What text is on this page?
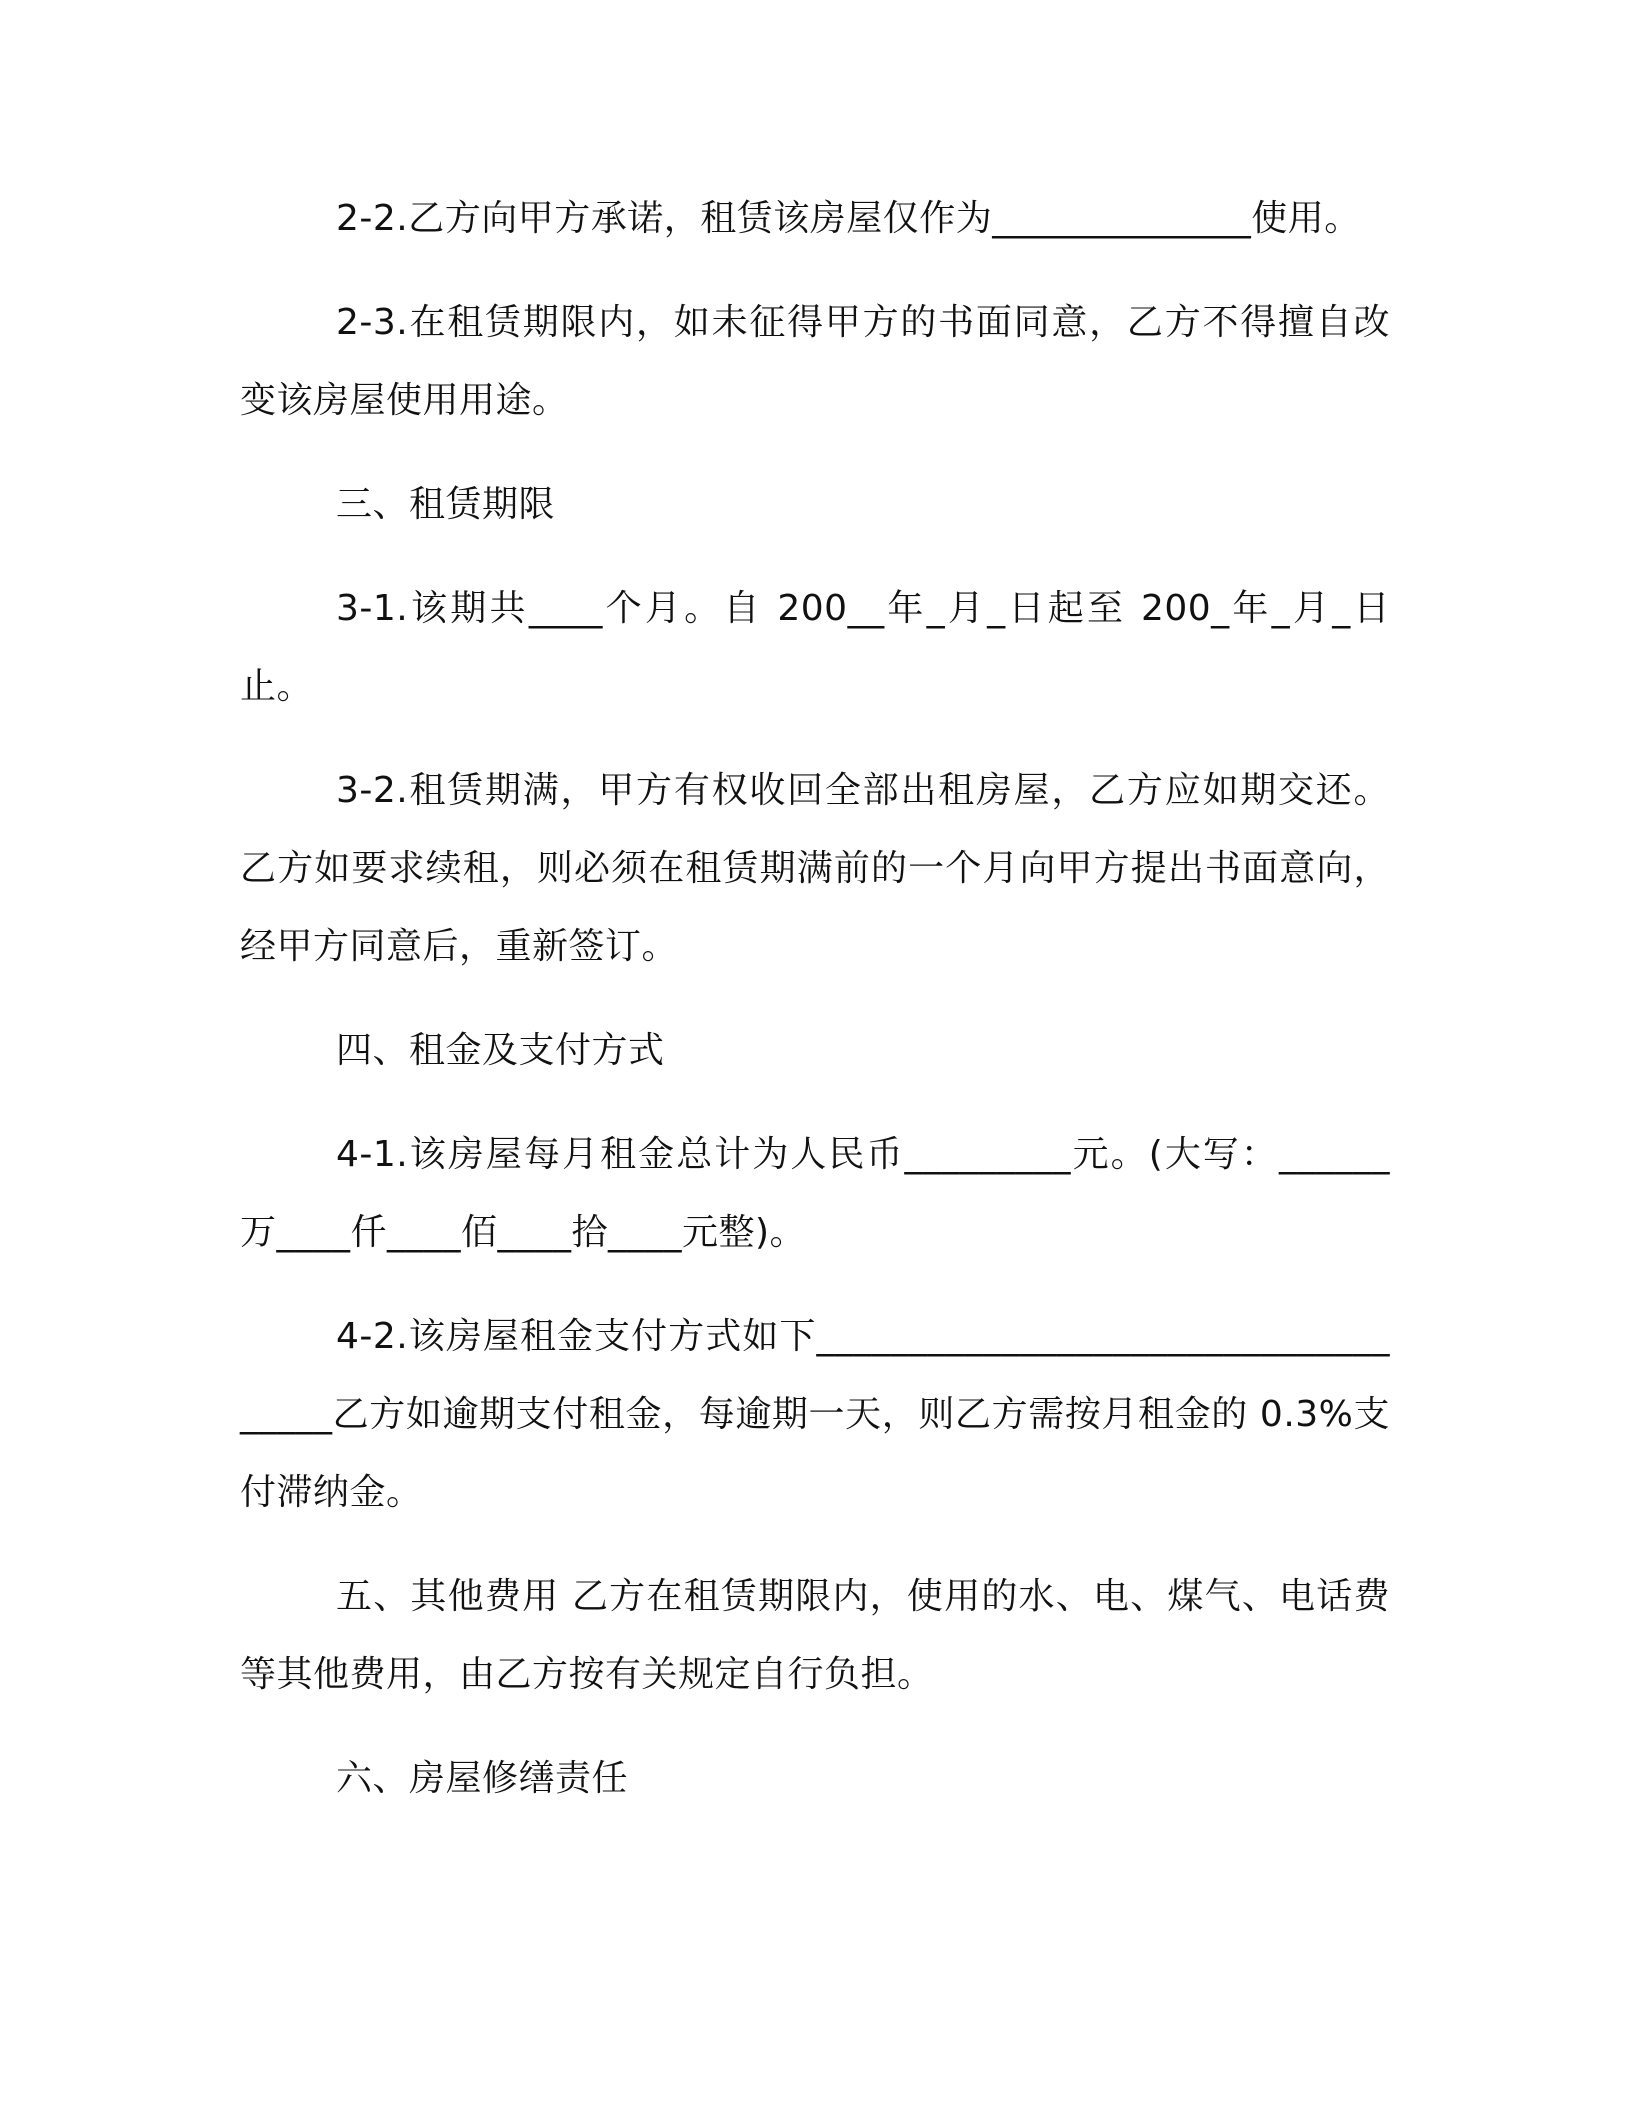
2-2.乙方向甲方承诺，租赁该房屋仅作为______________使用。

2-3.在租赁期限内，如未征得甲方的书面同意，乙方不得擅自改变该房屋使用用途。

三、租赁期限

3-1.该期共____个月。自 200__年_月_日起至 200_年_月_日止。

3-2.租赁期满，甲方有权收回全部出租房屋，乙方应如期交还。乙方如要求续租，则必须在租赁期满前的一个月向甲方提出书面意向，经甲方同意后，重新签订。

四、租金及支付方式

4-1.该房屋每月租金总计为人民币_________元。(大写：______万____仟____佰____拾____元整)。

4-2.该房屋租金支付方式如下____________________________________乙方如逾期支付租金，每逾期一天，则乙方需按月租金的 0.3%支付滞纳金。

五、其他费用 乙方在租赁期限内，使用的水、电、煤气、电话费等其他费用，由乙方按有关规定自行负担。

六、房屋修缮责任
